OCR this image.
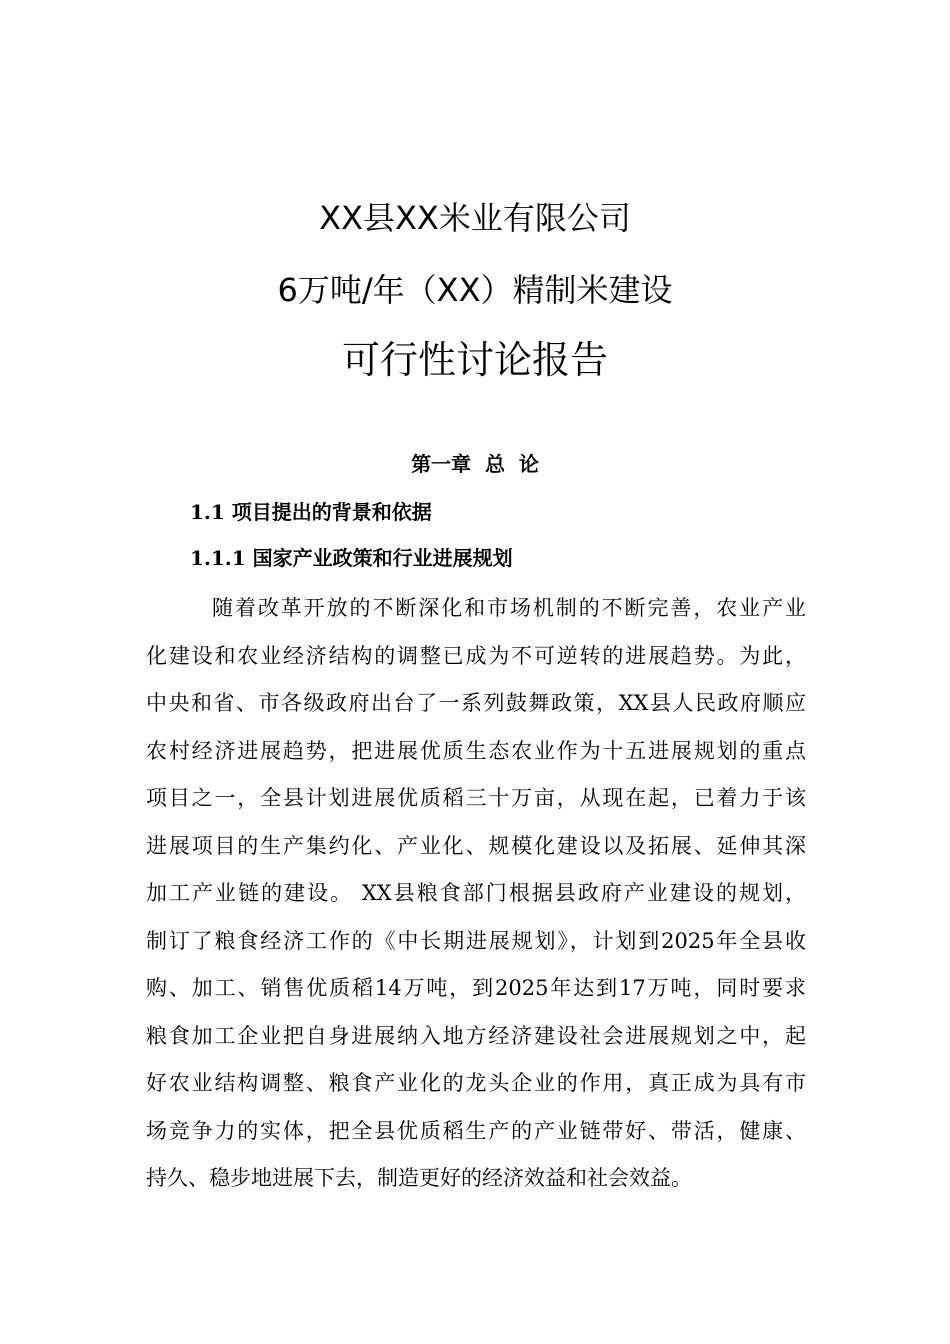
XX县XX米业有限公司
6万吨/年（XX）精制米建设
可行性讨论报告
第一章  总  论
1.1 项目提出的背景和依据
1.1.1 国家产业政策和行业进展规划
随着改革开放的不断深化和市场机制的不断完善，农业产业
化建设和农业经济结构的调整已成为不可逆转的进展趋势。为此，
中央和省、市各级政府出台了一系列鼓舞政策，XX县人民政府顺应
农村经济进展趋势，把进展优质生态农业作为十五进展规划的重点
项目之一，全县计划进展优质稻三十万亩，从现在起，已着力于该
进展项目的生产集约化、产业化、规模化建设以及拓展、延伸其深
加工产业链的建设。 XX县粮食部门根据县政府产业建设的规划，
制订了粮食经济工作的《中长期进展规划》，计划到2025年全县收
购、加工、销售优质稻14万吨，到2025年达到17万吨，同时要求
粮食加工企业把自身进展纳入地方经济建设社会进展规划之中，起
好农业结构调整、粮食产业化的龙头企业的作用，真正成为具有市
场竞争力的实体，把全县优质稻生产的产业链带好、带活，健康、
持久、稳步地进展下去，制造更好的经济效益和社会效益。
